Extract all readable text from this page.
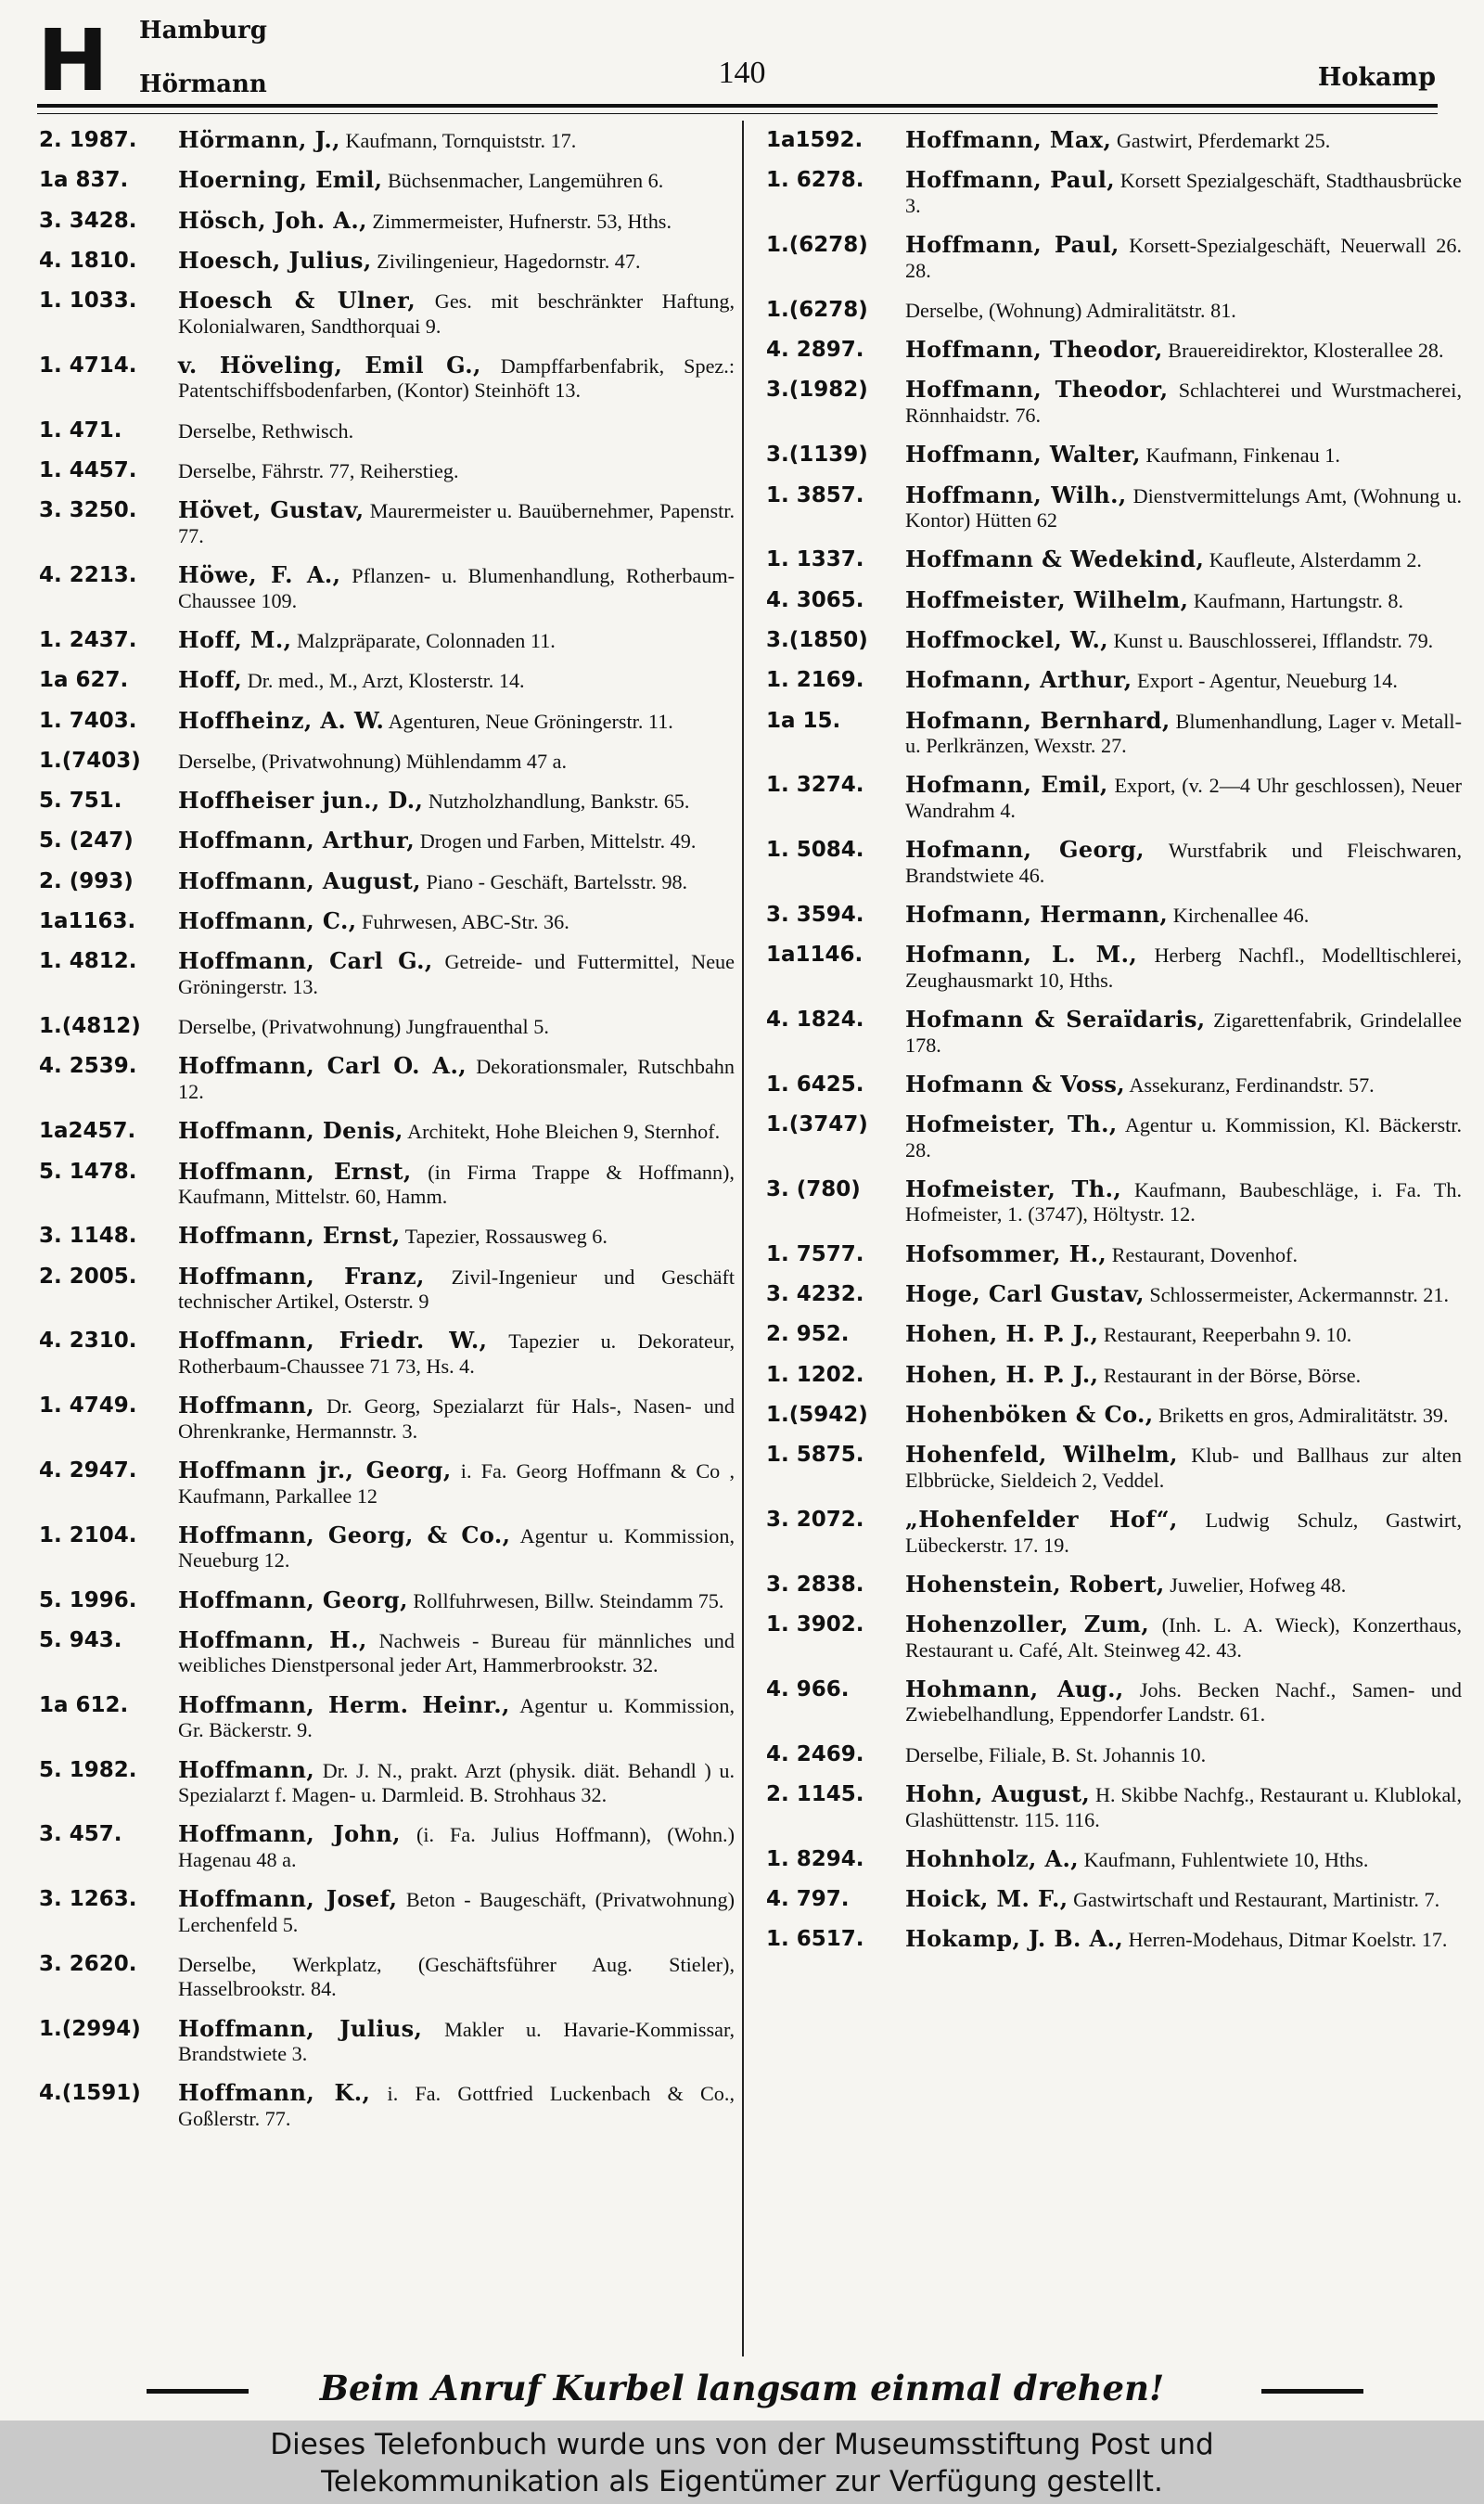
H Hamburg
Hörmann	140	Hokamp
2. 1987.	Hörmann, J., Kaufmann, Tornquiststr. 17.
1a 837.	Hoerning, Emil, Büchsenmacher, Langemühren 6.
3. 3428.	Hösch, Joh. A., Zimmermeister, Hufnerstr. 53, Hths.
4. 1810.	Hoesch, Julius, Zivilingenieur, Hagedornstr. 47.
1. 1033.	Hoesch & Ulner, Ges. mit beschränkter Haftung, Kolonialwaren, Sandthorquai 9.
1. 4714.	v. Höveling, Emil G., Dampffarbenfabrik, Spez.: Patentschiffsbodenfarben, (Kontor) Steinhöft 13.
1. 471.	Derselbe, Rethwisch.
1. 4457.	Derselbe, Fährstr. 77, Reiherstieg.
3. 3250.	Hövet, Gustav, Maurermeister u. Bauübernehmer, Papenstr. 77.
4. 2213.	Höwe, F. A., Pflanzen- u. Blumenhandlung, Rotherbaum-Chaussee 109.
1. 2437.	Hoff, M., Malzpräparate, Colonnaden 11.
1a 627.	Hoff, Dr. med., M., Arzt, Klosterstr. 14.
1. 7403.	Hoffheinz, A. W. Agenturen, Neue Gröningerstr. 11.
1.(7403)	Derselbe, (Privatwohnung) Mühlendamm 47 a.
5. 751.	Hoffheiser jun., D., Nutzholzhandlung, Bankstr. 65.
5. (247)	Hoffmann, Arthur, Drogen und Farben, Mittelstr. 49.
2. (993)	Hoffmann, August, Piano - Geschäft, Bartelsstr. 98.
1a1163.	Hoffmann, C., Fuhrwesen, ABC-Str. 36.
1. 4812.	Hoffmann, Carl G., Getreide- und Futtermittel, Neue Gröningerstr. 13.
1.(4812)	Derselbe, (Privatwohnung) Jungfrauenthal 5.
4. 2539.	Hoffmann, Carl O. A., Dekorationsmaler, Rutschbahn 12.
1a2457.	Hoffmann, Denis, Architekt, Hohe Bleichen 9, Sternhof.
5. 1478.	Hoffmann, Ernst, (in Firma Trappe & Hoffmann), Kaufmann, Mittelstr. 60, Hamm.
3. 1148.	Hoffmann, Ernst, Tapezier, Rossausweg 6.
2. 2005.	Hoffmann, Franz, Zivil-Ingenieur und Geschäft technischer Artikel, Osterstr. 9
4. 2310.	Hoffmann, Friedr. W., Tapezier u. Dekorateur, Rotherbaum-Chaussee 71 73, Hs. 4.
1. 4749.	Hoffmann, Dr. Georg, Spezialarzt für Hals-, Nasen- und Ohrenkranke, Hermannstr. 3.
4. 2947.	Hoffmann jr., Georg, i. Fa. Georg Hoffmann & Co , Kaufmann, Parkallee 12
1. 2104.	Hoffmann, Georg, & Co., Agentur u. Kommission, Neueburg 12.
5. 1996.	Hoffmann, Georg, Rollfuhrwesen, Billw. Steindamm 75.
5. 943.	Hoffmann, H., Nachweis - Bureau für männliches und weibliches Dienstpersonal jeder Art, Hammerbrookstr. 32.
1a 612.	Hoffmann, Herm. Heinr., Agentur u. Kommission, Gr. Bäckerstr. 9.
5. 1982.	Hoffmann, Dr. J. N., prakt. Arzt (physik. diät. Behandl ) u. Spezialarzt f. Magen- u. Darmleid. B. Strohhaus 32.
3. 457.	Hoffmann, John, (i. Fa. Julius Hoffmann), (Wohn.) Hagenau 48 a.
3. 1263.	Hoffmann, Josef, Beton - Baugeschäft, (Privatwohnung) Lerchenfeld 5.
3. 2620.	Derselbe, Werkplatz, (Geschäftsführer Aug. Stieler), Hasselbrookstr. 84.
1.(2994)	Hoffmann, Julius, Makler u. Havarie-Kommissar, Brandstwiete 3.
4.(1591)	Hoffmann, K., i. Fa. Gottfried Luckenbach & Co., Goßlerstr. 77.
1a1592.	Hoffmann, Max, Gastwirt, Pferdemarkt 25.
1. 6278.	Hoffmann, Paul, Korsett Spezialgeschäft, Stadthausbrücke 3.
1.(6278)	Hoffmann, Paul, Korsett-Spezialgeschäft, Neuerwall 26. 28.
1.(6278)	Derselbe, (Wohnung) Admiralitätstr. 81.
4. 2897.	Hoffmann, Theodor, Brauereidirektor, Klosterallee 28.
3.(1982)	Hoffmann, Theodor, Schlachterei und Wurstmacherei, Rönnhaidstr. 76.
3.(1139)	Hoffmann, Walter, Kaufmann, Finkenau 1.
1. 3857.	Hoffmann, Wilh., Dienstvermittelungs Amt, (Wohnung u. Kontor) Hütten 62
1. 1337.	Hoffmann & Wedekind, Kaufleute, Alsterdamm 2.
4. 3065.	Hoffmeister, Wilhelm, Kaufmann, Hartungstr. 8.
3.(1850)	Hoffmockel, W., Kunst u. Bauschlosserei, Ifflandstr. 79.
1. 2169.	Hofmann, Arthur, Export - Agentur, Neueburg 14.
1a 15.	Hofmann, Bernhard, Blumenhandlung, Lager v. Metall- u. Perlkränzen, Wexstr. 27.
1. 3274.	Hofmann, Emil, Export, (v. 2—4 Uhr geschlossen), Neuer Wandrahm 4.
1. 5084.	Hofmann, Georg, Wurstfabrik und Fleischwaren, Brandstwiete 46.
3. 3594.	Hofmann, Hermann, Kirchenallee 46.
1a1146.	Hofmann, L. M., Herberg Nachfl., Modelltischlerei, Zeughausmarkt 10, Hths.
4. 1824.	Hofmann & Seraïdaris, Zigarettenfabrik, Grindelallee 178.
1. 6425.	Hofmann & Voss, Assekuranz, Ferdinandstr. 57.
1.(3747)	Hofmeister, Th., Agentur u. Kommission, Kl. Bäckerstr. 28.
3. (780)	Hofmeister, Th., Kaufmann, Baubeschläge, i. Fa. Th. Hofmeister, 1. (3747), Höltystr. 12.
1. 7577.	Hofsommer, H., Restaurant, Dovenhof.
3. 4232.	Hoge, Carl Gustav, Schlossermeister, Ackermannstr. 21.
2. 952.	Hohen, H. P. J., Restaurant, Reeperbahn 9. 10.
1. 1202.	Hohen, H. P. J., Restaurant in der Börse, Börse.
1.(5942)	Hohenböken & Co., Briketts en gros, Admiralitätstr. 39.
1. 5875.	Hohenfeld, Wilhelm, Klub- und Ballhaus zur alten Elbbrücke, Sieldeich 2, Veddel.
3. 2072.	„Hohenfelder Hof“, Ludwig Schulz, Gastwirt, Lübeckerstr. 17. 19.
3. 2838.	Hohenstein, Robert, Juwelier, Hofweg 48.
1. 3902.	Hohenzoller, Zum, (Inh. L. A. Wieck), Konzerthaus, Restaurant u. Café, Alt. Steinweg 42. 43.
4. 966.	Hohmann, Aug., Johs. Becken Nachf., Samen- und Zwiebelhandlung, Eppendorfer Landstr. 61.
4. 2469.	Derselbe, Filiale, B. St. Johannis 10.
2. 1145.	Hohn, August, H. Skibbe Nachfg., Restaurant u. Klublokal, Glashüttenstr. 115. 116.
1. 8294.	Hohnholz, A., Kaufmann, Fuhlentwiete 10, Hths.
4. 797.	Hoick, M. F., Gastwirtschaft und Restaurant, Martinistr. 7.
1. 6517.	Hokamp, J. B. A., Herren-Modehaus, Ditmar Koelstr. 17.
Beim Anruf Kurbel langsam einmal drehen!
Dieses Telefonbuch wurde uns von der Museumsstiftung Post und
Telekommunikation als Eigentümer zur Verfügung gestellt.
